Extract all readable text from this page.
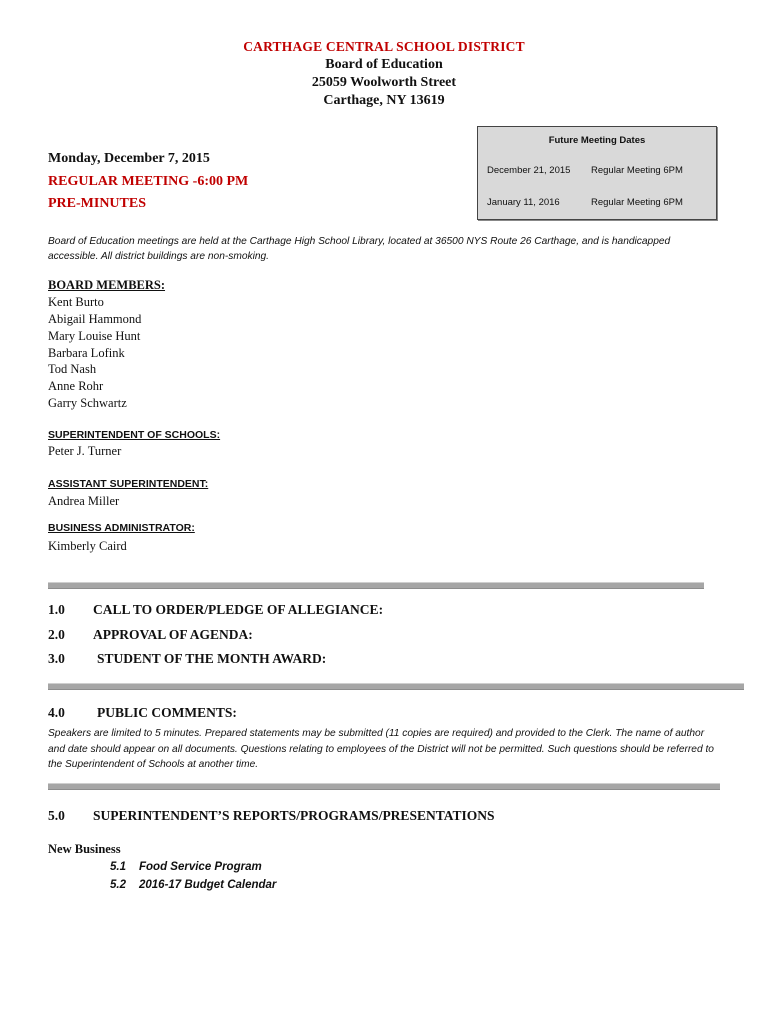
CARTHAGE CENTRAL SCHOOL DISTRICT
Board of Education
25059 Woolworth Street
Carthage, NY 13619
Future Meeting Dates
December 21, 2015 Regular Meeting 6PM
January 11, 2016	Regular Meeting 6PM
Monday, December 7, 2015
REGULAR MEETING -6:00 PM
PRE-MINUTES
Board of Education meetings are held at the Carthage High School Library, located at 36500 NYS Route 26 Carthage, and is handicapped accessible. All district buildings are non-smoking.
BOARD MEMBERS:
Kent Burto
Abigail Hammond
Mary Louise Hunt
Barbara Lofink
Tod Nash
Anne Rohr
Garry Schwartz
SUPERINTENDENT OF SCHOOLS:
Peter J. Turner
ASSISTANT SUPERINTENDENT:
Andrea Miller
BUSINESS ADMINISTRATOR:
Kimberly Caird
1.0 CALL TO ORDER/PLEDGE OF ALLEGIANCE:
2.0 APPROVAL OF AGENDA:
3.0 STUDENT OF THE MONTH AWARD:
4.0 PUBLIC COMMENTS:
Speakers are limited to 5 minutes. Prepared statements may be submitted (11 copies are required) and provided to the Clerk. The name of author and date should appear on all documents. Questions relating to employees of the District will not be permitted. Such questions should be referred to the Superintendent of Schools at another time.
5.0 SUPERINTENDENT’S REPORTS/PROGRAMS/PRESENTATIONS
New Business
5.1 Food Service Program
5.2 2016-17 Budget Calendar
